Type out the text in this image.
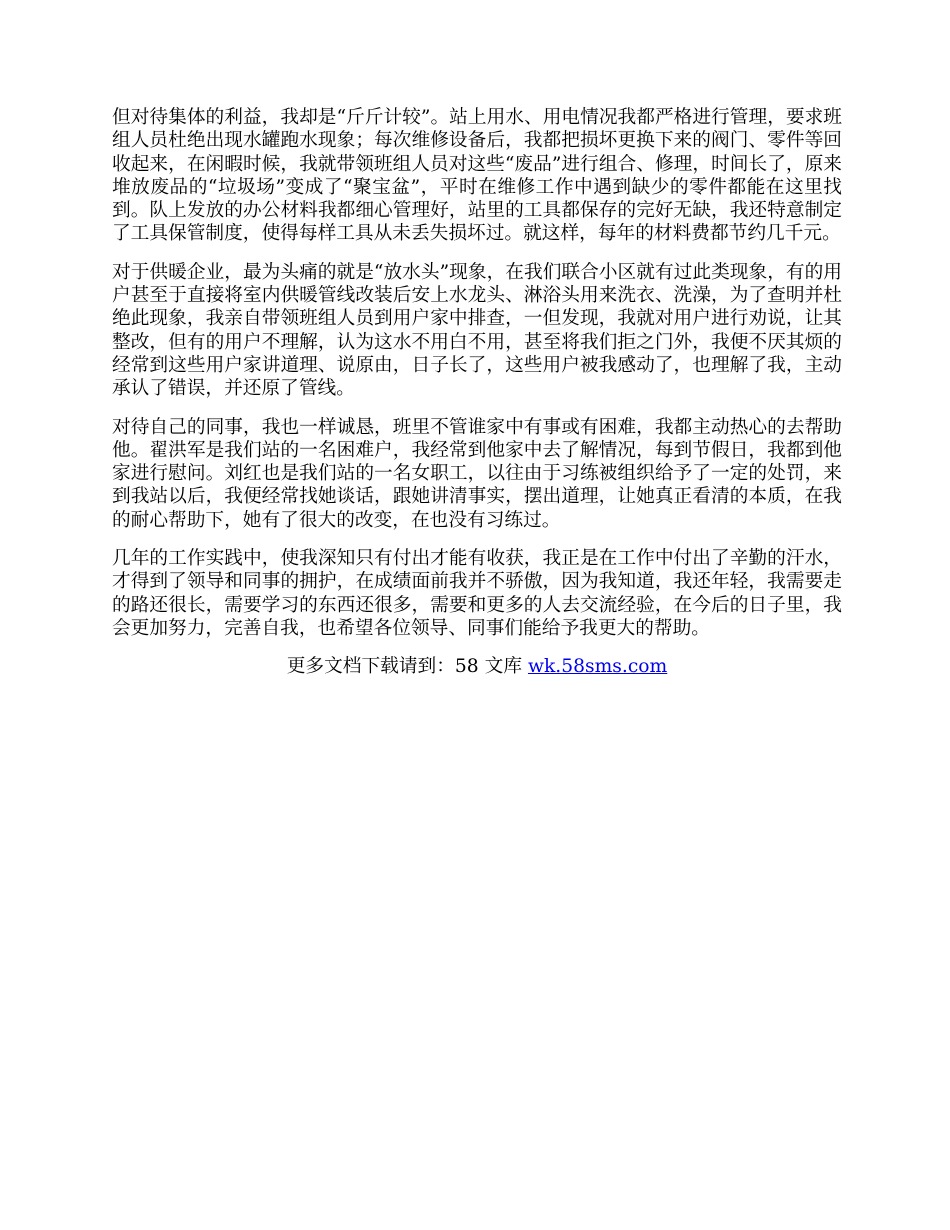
但对待集体的利益，我却是“斤斤计较”。站上用水、用电情况我都严格进行管理，要求班组人员杜绝出现水罐跑水现象；每次维修设备后，我都把损坏更换下来的阀门、零件等回收起来，在闲暇时候，我就带领班组人员对这些“废品”进行组合、修理，时间长了，原来堆放废品的“垃圾场”变成了“聚宝盆”，平时在维修工作中遇到缺少的零件都能在这里找到。队上发放的办公材料我都细心管理好，站里的工具都保存的完好无缺，我还特意制定了工具保管制度，使得每样工具从未丢失损坏过。就这样，每年的材料费都节约几千元。

对于供暖企业，最为头痛的就是“放水头”现象，在我们联合小区就有过此类现象，有的用户甚至于直接将室内供暖管线改装后安上水龙头、淋浴头用来洗衣、洗澡，为了查明并杜绝此现象，我亲自带领班组人员到用户家中排查，一但发现，我就对用户进行劝说，让其整改，但有的用户不理解，认为这水不用白不用，甚至将我们拒之门外，我便不厌其烦的经常到这些用户家讲道理、说原由，日子长了，这些用户被我感动了，也理解了我，主动承认了错误，并还原了管线。

对待自己的同事，我也一样诚恳，班里不管谁家中有事或有困难，我都主动热心的去帮助他。翟洪军是我们站的一名困难户，我经常到他家中去了解情况，每到节假日，我都到他家进行慰问。刘红也是我们站的一名女职工，以往由于习练被组织给予了一定的处罚，来到我站以后，我便经常找她谈话，跟她讲清事实，摆出道理，让她真正看清的本质，在我的耐心帮助下，她有了很大的改变，在也没有习练过。

几年的工作实践中，使我深知只有付出才能有收获，我正是在工作中付出了辛勤的汗水，才得到了领导和同事的拥护，在成绩面前我并不骄傲，因为我知道，我还年轻，我需要走的路还很长，需要学习的东西还很多，需要和更多的人去交流经验，在今后的日子里，我会更加努力，完善自我，也希望各位领导、同事们能给予我更大的帮助。

更多文档下载请到：58 文库 wk.58sms.com
